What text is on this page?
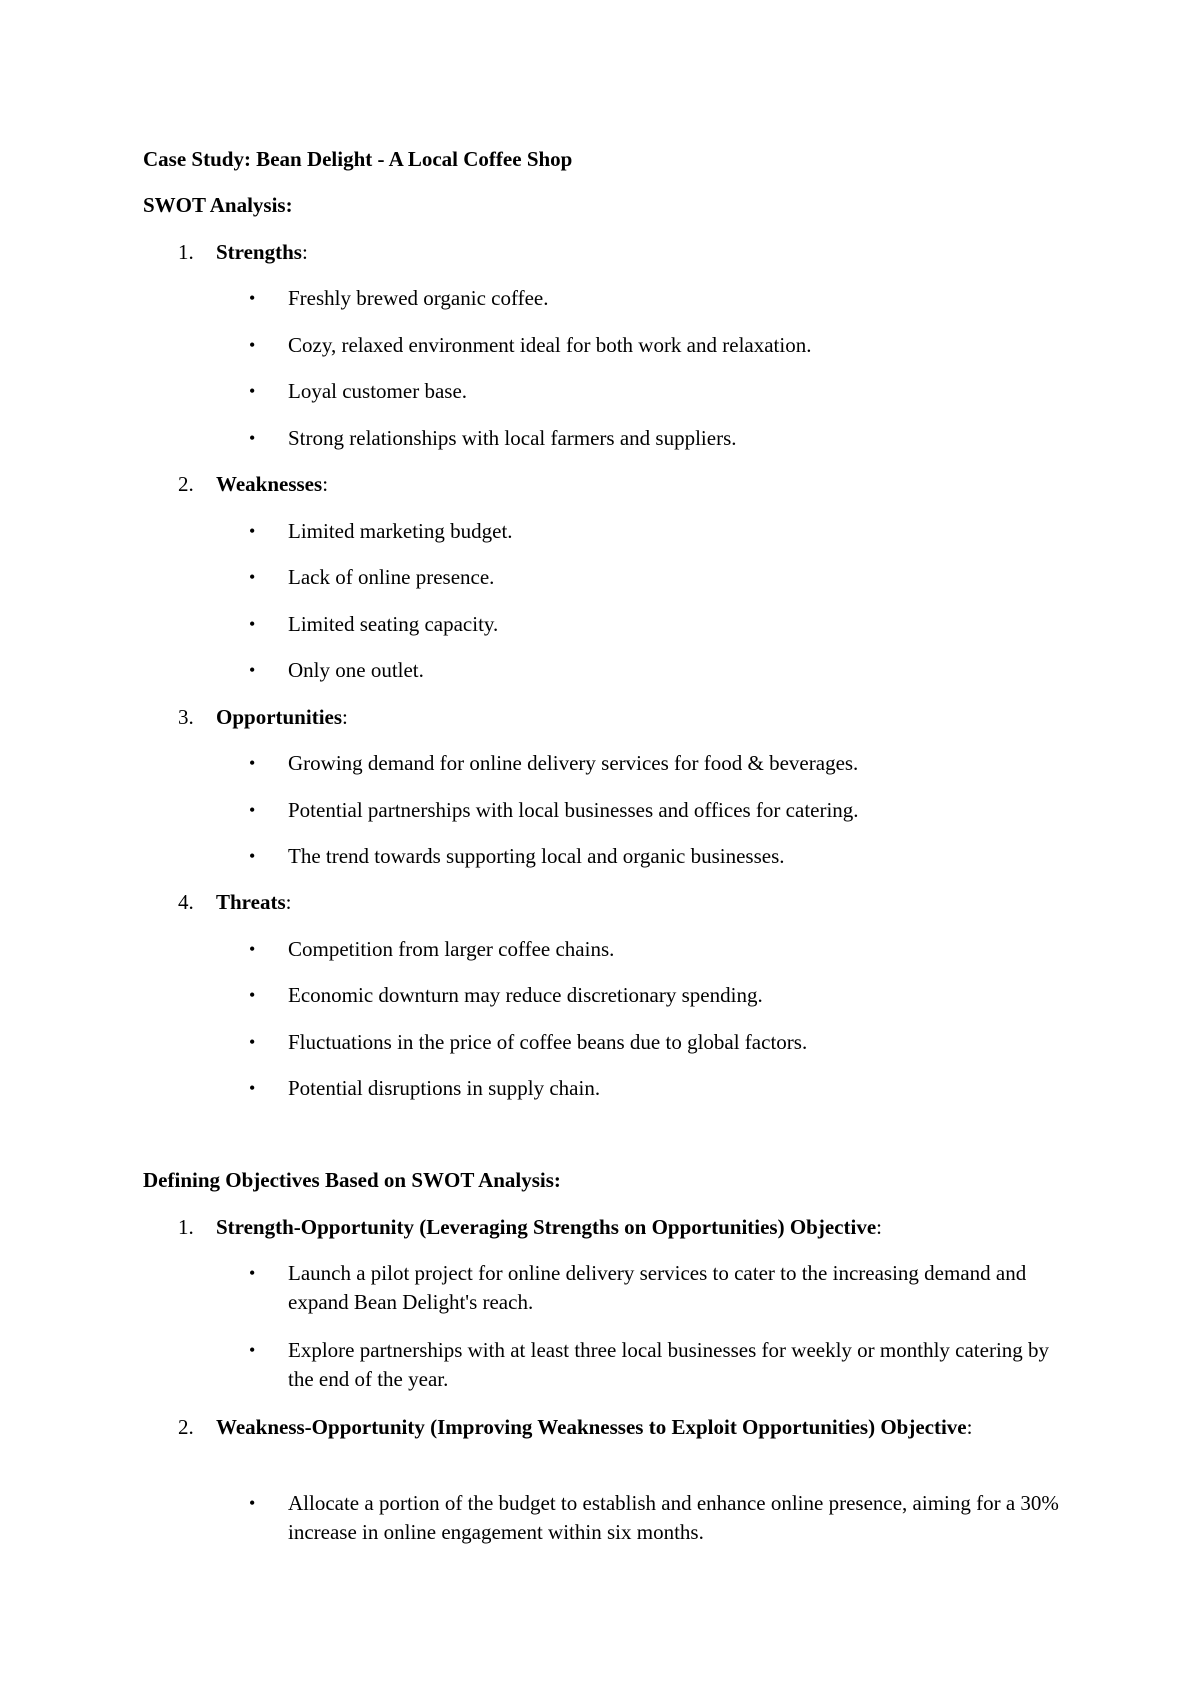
Case Study: Bean Delight - A Local Coffee Shop
SWOT Analysis:
1. Strengths:
• Freshly brewed organic coffee.
• Cozy, relaxed environment ideal for both work and relaxation.
• Loyal customer base.
• Strong relationships with local farmers and suppliers.
2. Weaknesses:
• Limited marketing budget.
• Lack of online presence.
• Limited seating capacity.
• Only one outlet.
3. Opportunities:
• Growing demand for online delivery services for food & beverages.
• Potential partnerships with local businesses and offices for catering.
• The trend towards supporting local and organic businesses.
4. Threats:
• Competition from larger coffee chains.
• Economic downturn may reduce discretionary spending.
• Fluctuations in the price of coffee beans due to global factors.
• Potential disruptions in supply chain.
Defining Objectives Based on SWOT Analysis:
1. Strength-Opportunity (Leveraging Strengths on Opportunities) Objective:
• Launch a pilot project for online delivery services to cater to the increasing demand and expand Bean Delight's reach.
• Explore partnerships with at least three local businesses for weekly or monthly catering by the end of the year.
2. Weakness-Opportunity (Improving Weaknesses to Exploit Opportunities) Objective:
• Allocate a portion of the budget to establish and enhance online presence, aiming for a 30% increase in online engagement within six months.
